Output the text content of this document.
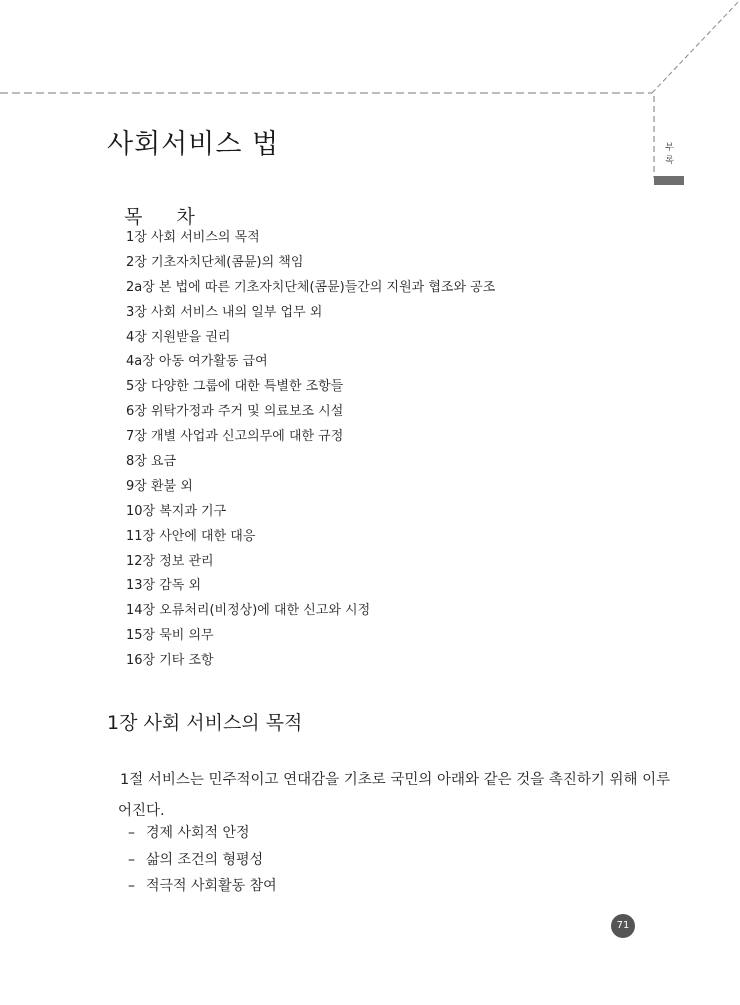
부
록
사회서비스 법
목 차
1장 사회 서비스의 목적
2장 기초자치단체(콤뮨)의 책임
2a장 본 법에 따른 기초자치단체(콤뮨)들간의 지원과 협조와 공조
3장 사회 서비스 내의 일부 업무 외
4장 지원받을 권리
4a장 아동 여가활동 급여
5장 다양한 그룹에 대한 특별한 조항들
6장 위탁가정과 주거 및 의료보조 시설
7장 개별 사업과 신고의무에 대한 규정
8장 요금
9장 환불 외
10장 복지과 기구
11장 사안에 대한 대응
12장 정보 관리
13장 감독 외
14장 오류처리(비정상)에 대한 신고와 시정
15장 묵비 의무
16장 기타 조항
1장 사회 서비스의 목적

1절 서비스는 민주적이고 연대감을 기초로 국민의 아래와 같은 것을 촉진하기 위해 이루어진다.

– 경제 사회적 안정
– 삶의 조건의 형평성
– 적극적 사회활동 참여
71
